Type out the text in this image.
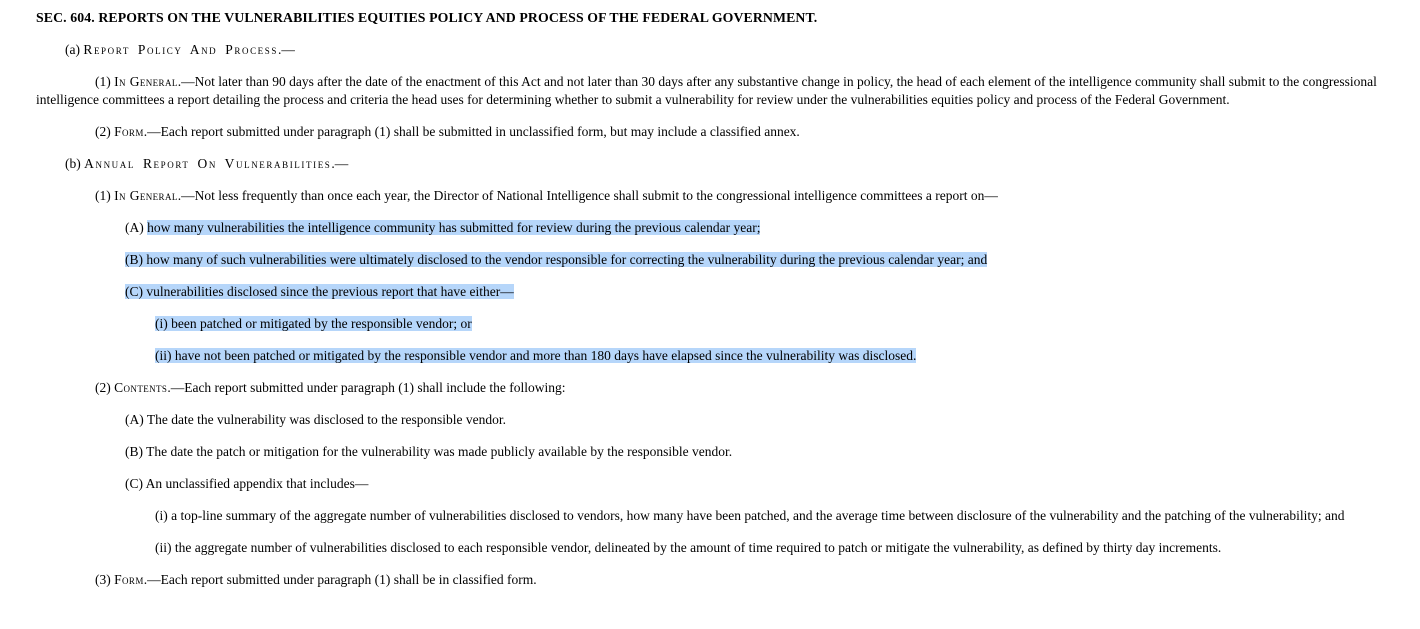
SEC. 604. REPORTS ON THE VULNERABILITIES EQUITIES POLICY AND PROCESS OF THE FEDERAL GOVERNMENT.
(a) Report Policy And Process.—
(1) In General.—Not later than 90 days after the date of the enactment of this Act and not later than 30 days after any substantive change in policy, the head of each element of the intelligence community shall submit to the congressional intelligence committees a report detailing the process and criteria the head uses for determining whether to submit a vulnerability for review under the vulnerabilities equities policy and process of the Federal Government.
(2) Form.—Each report submitted under paragraph (1) shall be submitted in unclassified form, but may include a classified annex.
(b) Annual Report On Vulnerabilities.—
(1) In General.—Not less frequently than once each year, the Director of National Intelligence shall submit to the congressional intelligence committees a report on—
(A) how many vulnerabilities the intelligence community has submitted for review during the previous calendar year;
(B) how many of such vulnerabilities were ultimately disclosed to the vendor responsible for correcting the vulnerability during the previous calendar year; and
(C) vulnerabilities disclosed since the previous report that have either—
(i) been patched or mitigated by the responsible vendor; or
(ii) have not been patched or mitigated by the responsible vendor and more than 180 days have elapsed since the vulnerability was disclosed.
(2) Contents.—Each report submitted under paragraph (1) shall include the following:
(A) The date the vulnerability was disclosed to the responsible vendor.
(B) The date the patch or mitigation for the vulnerability was made publicly available by the responsible vendor.
(C) An unclassified appendix that includes—
(i) a top-line summary of the aggregate number of vulnerabilities disclosed to vendors, how many have been patched, and the average time between disclosure of the vulnerability and the patching of the vulnerability; and
(ii) the aggregate number of vulnerabilities disclosed to each responsible vendor, delineated by the amount of time required to patch or mitigate the vulnerability, as defined by thirty day increments.
(3) Form.—Each report submitted under paragraph (1) shall be in classified form.
